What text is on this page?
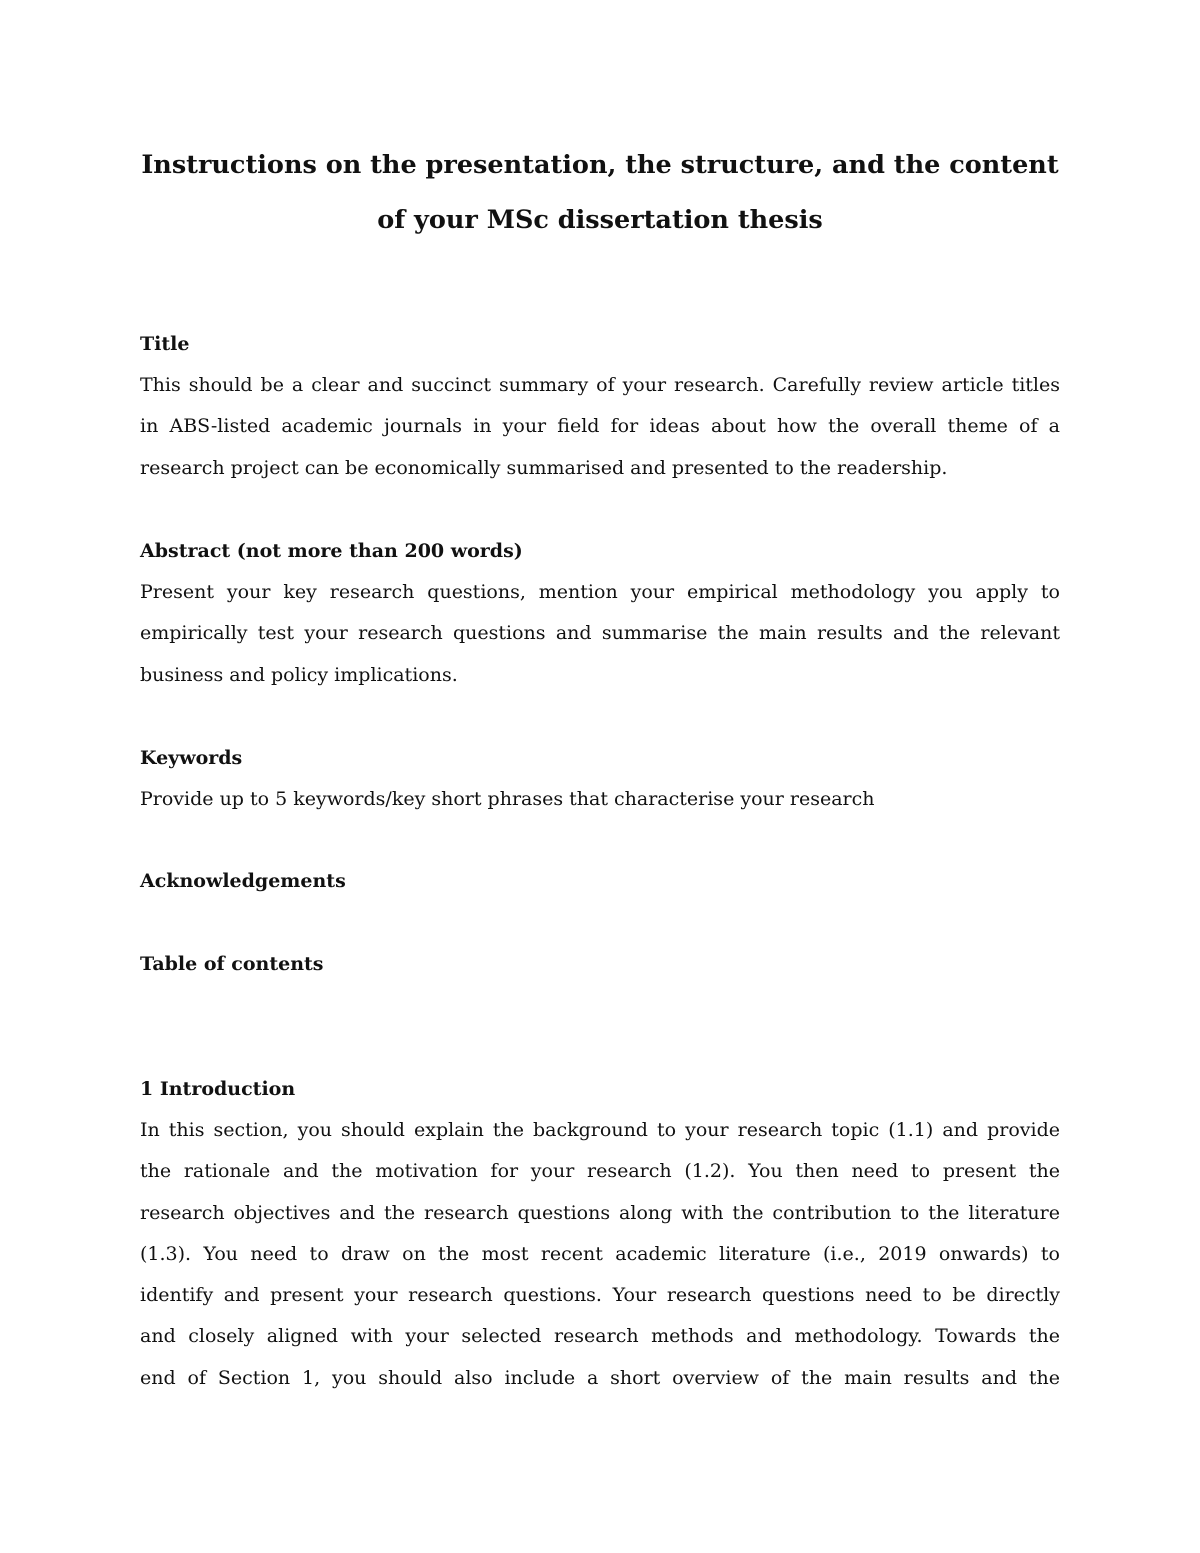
Instructions on the presentation, the structure, and the content
of your MSc dissertation thesis
Title
This should be a clear and succinct summary of your research. Carefully review article titles
in ABS-listed academic journals in your field for ideas about how the overall theme of a
research project can be economically summarised and presented to the readership.
Abstract (not more than 200 words)
Present your key research questions, mention your empirical methodology you apply to
empirically test your research questions and summarise the main results and the relevant
business and policy implications.
Keywords
Provide up to 5 keywords/key short phrases that characterise your research
Acknowledgements
Table of contents
1 Introduction
In this section, you should explain the background to your research topic (1.1) and provide
the rationale and the motivation for your research (1.2). You then need to present the
research objectives and the research questions along with the contribution to the literature
(1.3). You need to draw on the most recent academic literature (i.e., 2019 onwards) to
identify and present your research questions. Your research questions need to be directly
and closely aligned with your selected research methods and methodology. Towards the
end of Section 1, you should also include a short overview of the main results and the
